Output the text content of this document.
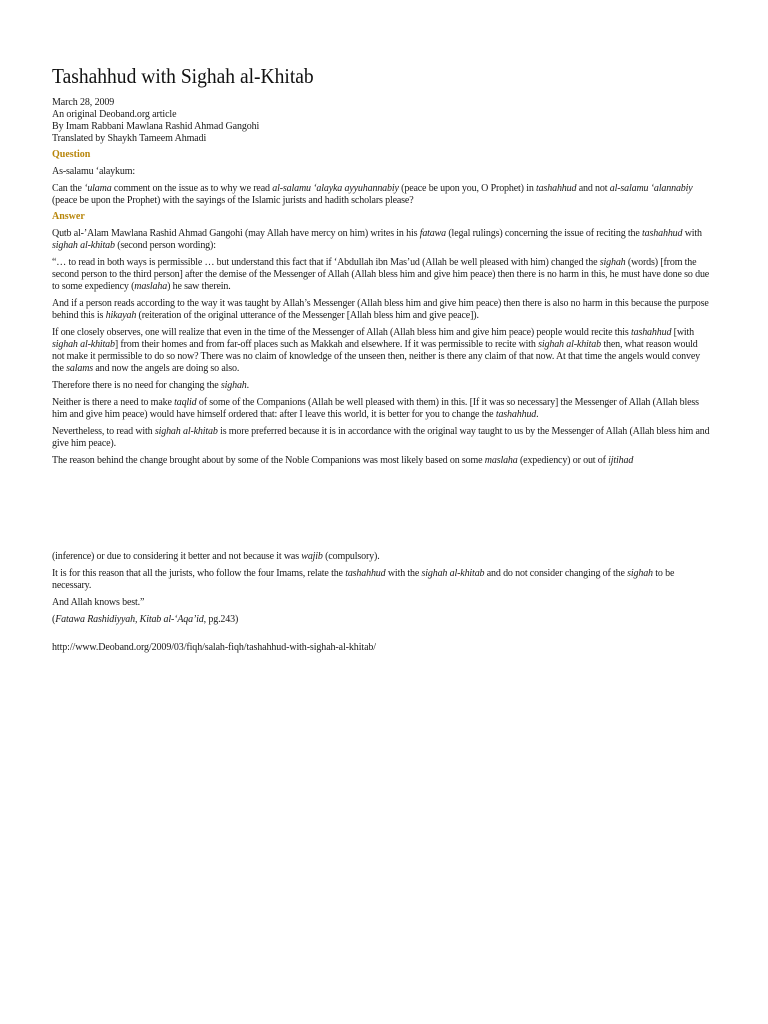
Tashahhud with Sighah al-Khitab
March 28, 2009
An original Deoband.org article
By Imam Rabbani Mawlana Rashid Ahmad Gangohi
Translated by Shaykh Tameem Ahmadi
Question

As-salamu ‘alaykum:

Can the ‘ulama comment on the issue as to why we read al-salamu ‘alayka ayyuhannabiy (peace be upon you, O Prophet) in tashahhud and not al-salamu ‘alannabiy (peace be upon the Prophet) with the sayings of the Islamic jurists and hadith scholars please?

Answer

Qutb al-’Alam Mawlana Rashid Ahmad Gangohi (may Allah have mercy on him) writes in his fatawa (legal rulings) concerning the issue of reciting the tashahhud with sighah al-khitab (second person wording):

“… to read in both ways is permissible … but understand this fact that if ‘Abdullah ibn Mas’ud (Allah be well pleased with him) changed the sighah (words) [from the second person to the third person] after the demise of the Messenger of Allah (Allah bless him and give him peace) then there is no harm in this, he must have done so due to some expediency (maslaha) he saw therein.

And if a person reads according to the way it was taught by Allah’s Messenger (Allah bless him and give him peace) then there is also no harm in this because the purpose behind this is hikayah (reiteration of the original utterance of the Messenger [Allah bless him and give peace]).

If one closely observes, one will realize that even in the time of the Messenger of Allah (Allah bless him and give him peace) people would recite this tashahhud [with sighah al-khitab] from their homes and from far-off places such as Makkah and elsewhere. If it was permissible to recite with sighah al-khitab then, what reason would not make it permissible to do so now? There was no claim of knowledge of the unseen then, neither is there any claim of that now. At that time the angels would convey the salams and now the angels are doing so also.

Therefore there is no need for changing the sighah.

Neither is there a need to make taqlid of some of the Companions (Allah be well pleased with them) in this. [If it was so necessary] the Messenger of Allah (Allah bless him and give him peace) would have himself ordered that: after I leave this world, it is better for you to change the tashahhud.

Nevertheless, to read with sighah al-khitab is more preferred because it is in accordance with the original way taught to us by the Messenger of Allah (Allah bless him and give him peace).

The reason behind the change brought about by some of the Noble Companions was most likely based on some maslaha (expediency) or out of ijtihad

(inference) or due to considering it better and not because it was wajib (compulsory).

It is for this reason that all the jurists, who follow the four Imams, relate the tashahhud with the sighah al-khitab and do not consider changing of the sighah to be necessary.

And Allah knows best.”

(Fatawa Rashidiyyah, Kitab al-‘Aqa’id, pg.243)

http://www.Deoband.org/2009/03/fiqh/salah-fiqh/tashahhud-with-sighah-al-khitab/
